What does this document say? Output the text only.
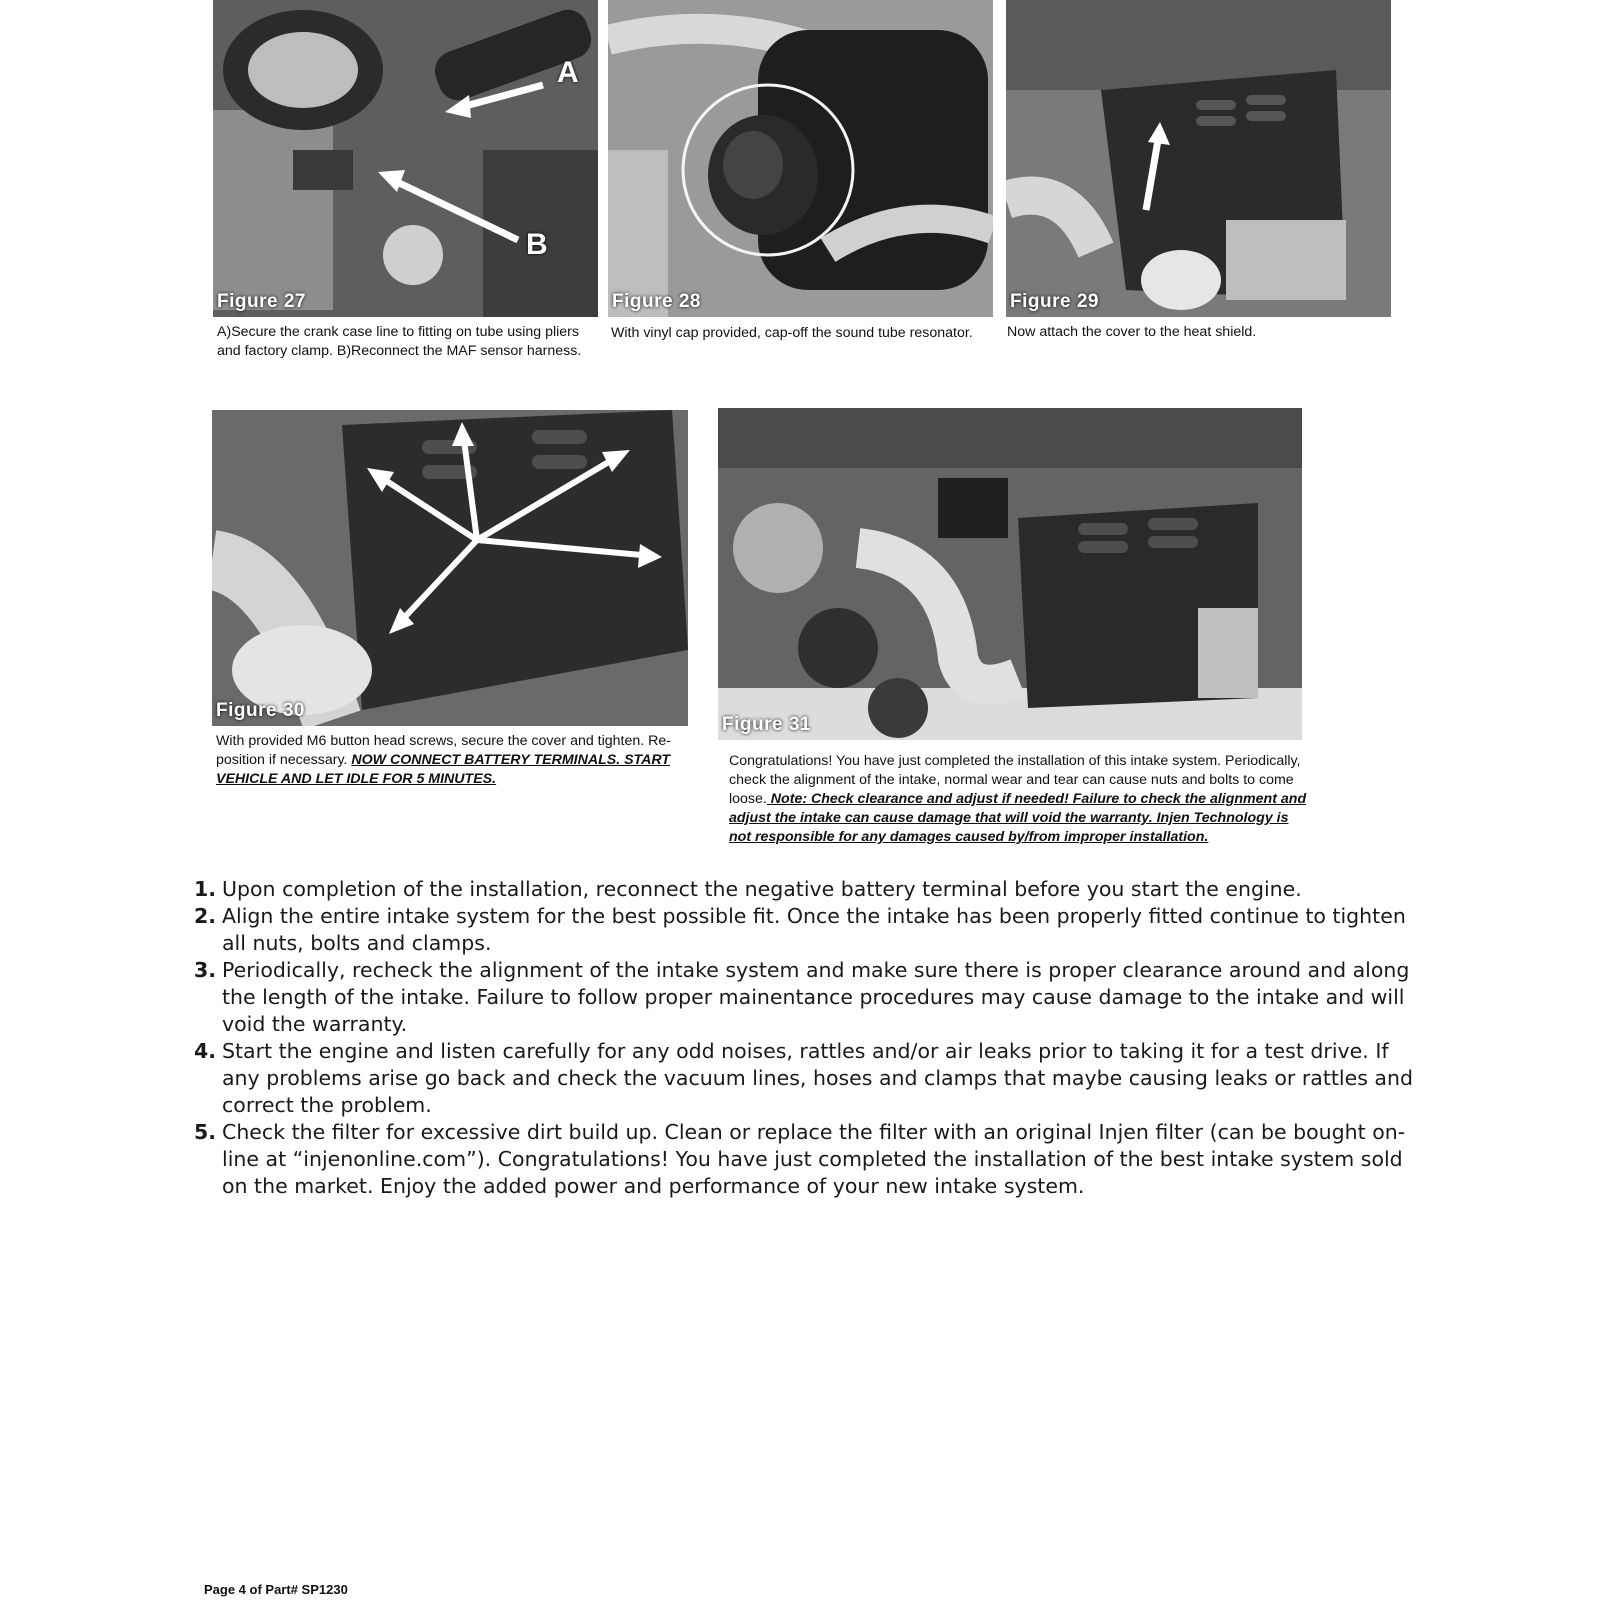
A
B
Figure 27
A)Secure the crank case line to fitting on tube using pliers and factory clamp. B)Reconnect the MAF sensor harness.
Figure 28
With vinyl cap provided, cap-off the sound tube resonator.
Figure 29
Now attach the cover to the heat shield.
Figure 30
With provided M6 button head screws, secure the cover and tighten. Re-position if necessary. NOW CONNECT BATTERY TERMINALS. START VEHICLE AND LET IDLE FOR 5 MINUTES.
Figure 31
Congratulations! You have just completed the installation of this intake system. Periodically, check the alignment of the intake, normal wear and tear can cause nuts and bolts to come loose. Note: Check clearance and adjust if needed! Failure to check the alignment and adjust the intake can cause damage that will void the warranty. Injen Technology is not responsible for any damages caused by/from improper installation.
1. Upon completion of the installation, reconnect the negative battery terminal before you start the engine.
2. Align the entire intake system for the best possible fit. Once the intake has been properly fitted continue to tighten all nuts, bolts and clamps.
3. Periodically, recheck the alignment of the intake system and make sure there is proper clearance around and along the length of the intake. Failure to follow proper mainentance procedures may cause damage to the intake and will void the warranty.
4. Start the engine and listen carefully for any odd noises, rattles and/or air leaks prior to taking it for a test drive. If any problems arise go back and check the vacuum lines, hoses and clamps that maybe causing leaks or rattles and correct the problem.
5. Check the filter for excessive dirt build up. Clean or replace the filter with an original Injen filter (can be bought on-line at “injenonline.com”). Congratulations! You have just completed the installation of the best intake system sold on the market. Enjoy the added power and performance of your new intake system.
Page 4 of Part# SP1230
